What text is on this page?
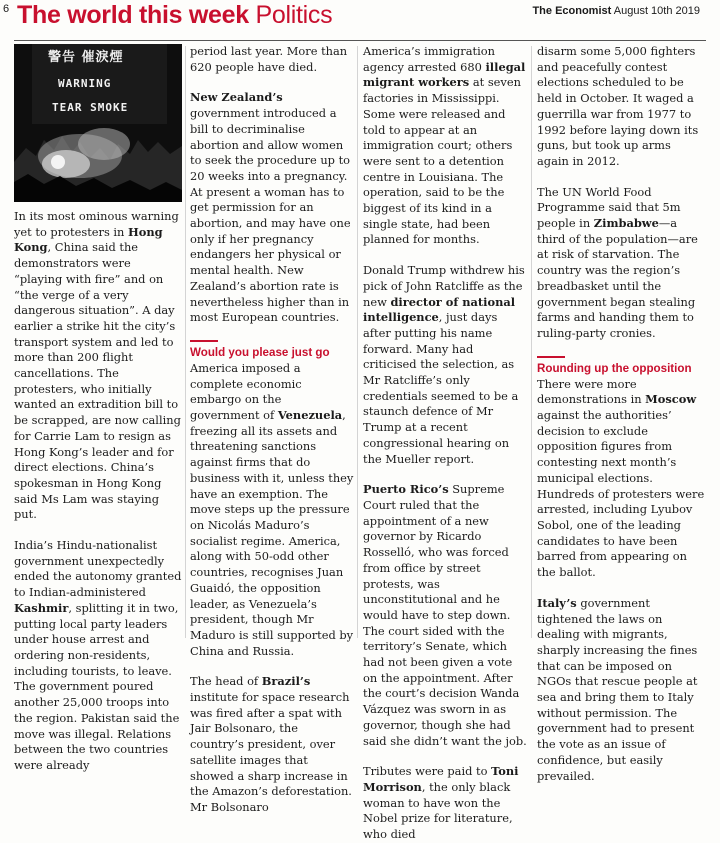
6 The world this week Politics	The Economist August 10th 2019
警告 催淚煙
WARNING
TEAR SMOKE

In its most ominous warning yet to protesters in Hong Kong, China said the demonstrators were “playing with fire” and on “the verge of a very dangerous situation”. A day earlier a strike hit the city’s transport system and led to more than 200 flight cancellations. The protesters, who initially wanted an extradition bill to be scrapped, are now calling for Carrie Lam to resign as Hong Kong’s leader and for direct elections. China’s spokesman in Hong Kong said Ms Lam was staying put.

India’s Hindu-nationalist government unexpectedly ended the autonomy granted to Indian-administered Kashmir, splitting it in two, putting local party leaders under house arrest and ordering non-residents, including tourists, to leave. The government poured another 25,000 troops into the region. Pakistan said the move was illegal. Relations between the two countries were already

period last year. More than 620 people have died.

New Zealand’s government introduced a bill to decriminalise abortion and allow women to seek the procedure up to 20 weeks into a pregnancy. At present a woman has to get permission for an abortion, and may have one only if her pregnancy endangers her physical or mental health. New Zealand’s abortion rate is nevertheless higher than in most European countries.

Would you please just go

America imposed a complete economic embargo on the government of Venezuela, freezing all its assets and threatening sanctions against firms that do business with it, unless they have an exemption. The move steps up the pressure on Nicolás Maduro’s socialist regime. America, along with 50-odd other countries, recognises Juan Guaidó, the opposition leader, as Venezuela’s president, though Mr Maduro is still supported by China and Russia.

The head of Brazil’s institute for space research was fired after a spat with Jair Bolsonaro, the country’s president, over satellite images that showed a sharp increase in the Amazon’s deforestation. Mr Bolsonaro

America’s immigration agency arrested 680 illegal migrant workers at seven factories in Mississippi. Some were released and told to appear at an immigration court; others were sent to a detention centre in Louisiana. The operation, said to be the biggest of its kind in a single state, had been planned for months.

Donald Trump withdrew his pick of John Ratcliffe as the new director of national intelligence, just days after putting his name forward. Many had criticised the selection, as Mr Ratcliffe’s only credentials seemed to be a staunch defence of Mr Trump at a recent congressional hearing on the Mueller report.

Puerto Rico’s Supreme Court ruled that the appointment of a new governor by Ricardo Rosselló, who was forced from office by street protests, was unconstitutional and he would have to step down. The court sided with the territory’s Senate, which had not been given a vote on the appointment. After the court’s decision Wanda Vázquez was sworn in as governor, though she had said she didn’t want the job.

Tributes were paid to Toni Morrison, the only black woman to have won the Nobel prize for literature, who died

disarm some 5,000 fighters and peacefully contest elections scheduled to be held in October. It waged a guerrilla war from 1977 to 1992 before laying down its guns, but took up arms again in 2012.

The UN World Food Programme said that 5m people in Zimbabwe—a third of the population—are at risk of starvation. The country was the region’s breadbasket until the government began stealing farms and handing them to ruling-party cronies.

Rounding up the opposition

There were more demonstrations in Moscow against the authorities’ decision to exclude opposition figures from contesting next month’s municipal elections. Hundreds of protesters were arrested, including Lyubov Sobol, one of the leading candidates to have been barred from appearing on the ballot.

Italy’s government tightened the laws on dealing with migrants, sharply increasing the fines that can be imposed on NGOs that rescue people at sea and bring them to Italy without permission. The government had to present the vote as an issue of confidence, but easily prevailed.
